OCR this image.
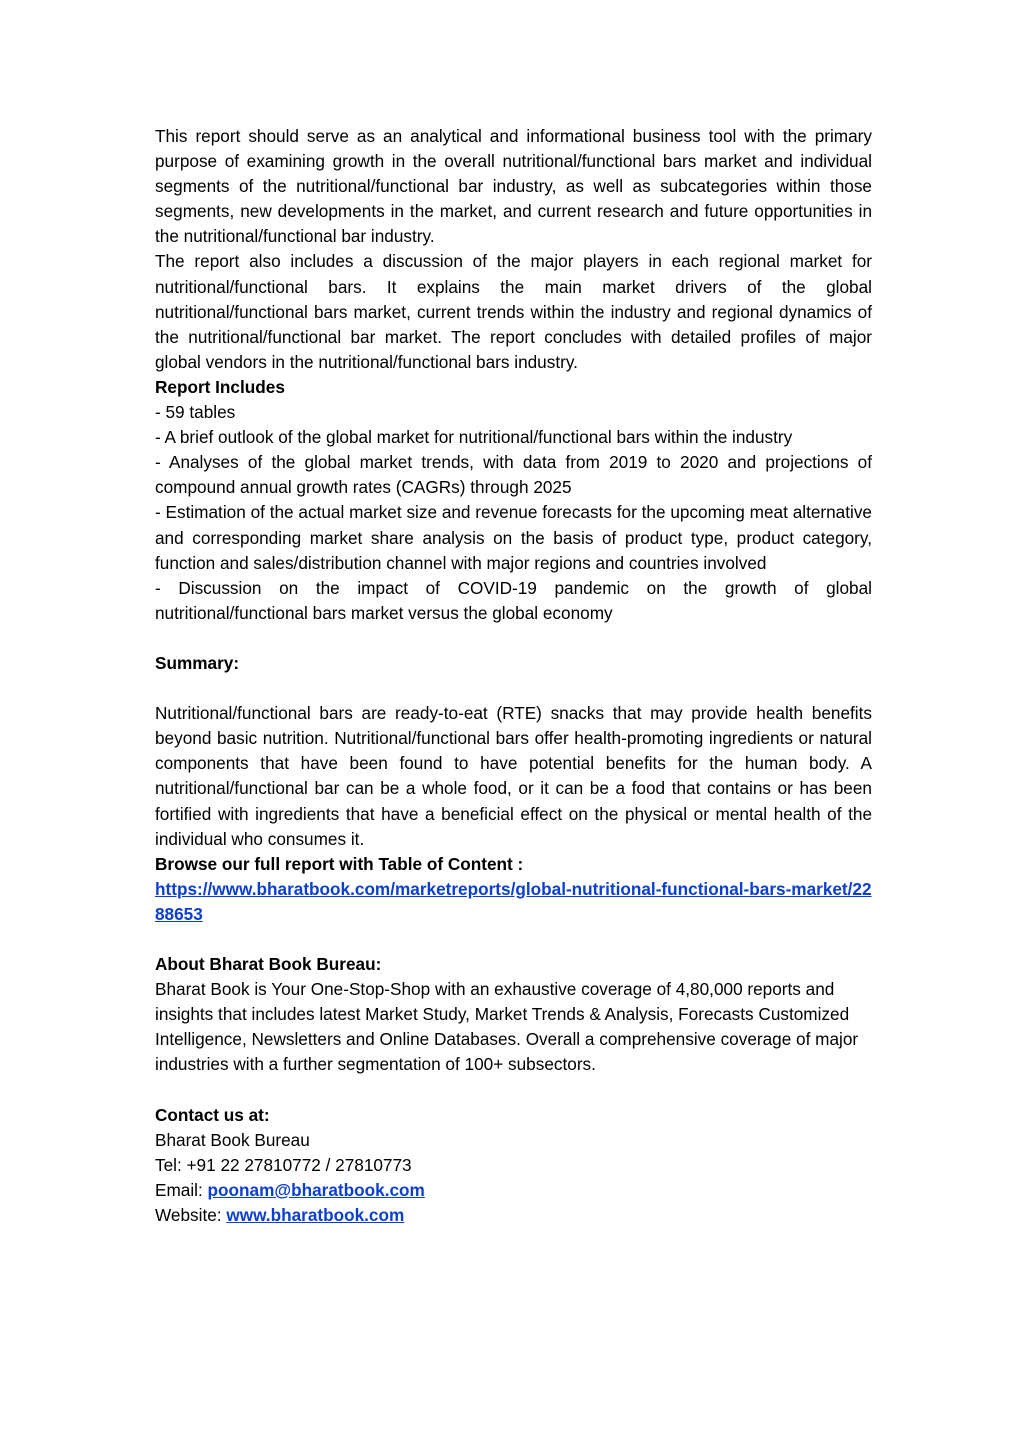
This report should serve as an analytical and informational business tool with the primary purpose of examining growth in the overall nutritional/functional bars market and individual segments of the nutritional/functional bar industry, as well as subcategories within those segments, new developments in the market, and current research and future opportunities in the nutritional/functional bar industry.

The report also includes a discussion of the major players in each regional market for nutritional/functional bars. It explains the main market drivers of the global nutritional/functional bars market, current trends within the industry and regional dynamics of the nutritional/functional bar market. The report concludes with detailed profiles of major global vendors in the nutritional/functional bars industry.

Report Includes

- 59 tables

- A brief outlook of the global market for nutritional/functional bars within the industry

- Analyses of the global market trends, with data from 2019 to 2020 and projections of compound annual growth rates (CAGRs) through 2025

- Estimation of the actual market size and revenue forecasts for the upcoming meat alternative and corresponding market share analysis on the basis of product type, product category, function and sales/distribution channel with major regions and countries involved

- Discussion on the impact of COVID-19 pandemic on the growth of global nutritional/functional bars market versus the global economy

Summary:

Nutritional/functional bars are ready-to-eat (RTE) snacks that may provide health benefits beyond basic nutrition. Nutritional/functional bars offer health-promoting ingredients or natural components that have been found to have potential benefits for the human body. A nutritional/functional bar can be a whole food, or it can be a food that contains or has been fortified with ingredients that have a beneficial effect on the physical or mental health of the individual who consumes it.

Browse our full report with Table of Content :

https://www.bharatbook.com/marketreports/global-nutritional-functional-bars-market/2288653

About Bharat Book Bureau:

Bharat Book is Your One-Stop-Shop with an exhaustive coverage of 4,80,000 reports and insights that includes latest Market Study, Market Trends & Analysis, Forecasts Customized Intelligence, Newsletters and Online Databases. Overall a comprehensive coverage of major industries with a further segmentation of 100+ subsectors.

Contact us at:

Bharat Book Bureau

Tel: +91 22 27810772 / 27810773

Email: poonam@bharatbook.com

Website: www.bharatbook.com
